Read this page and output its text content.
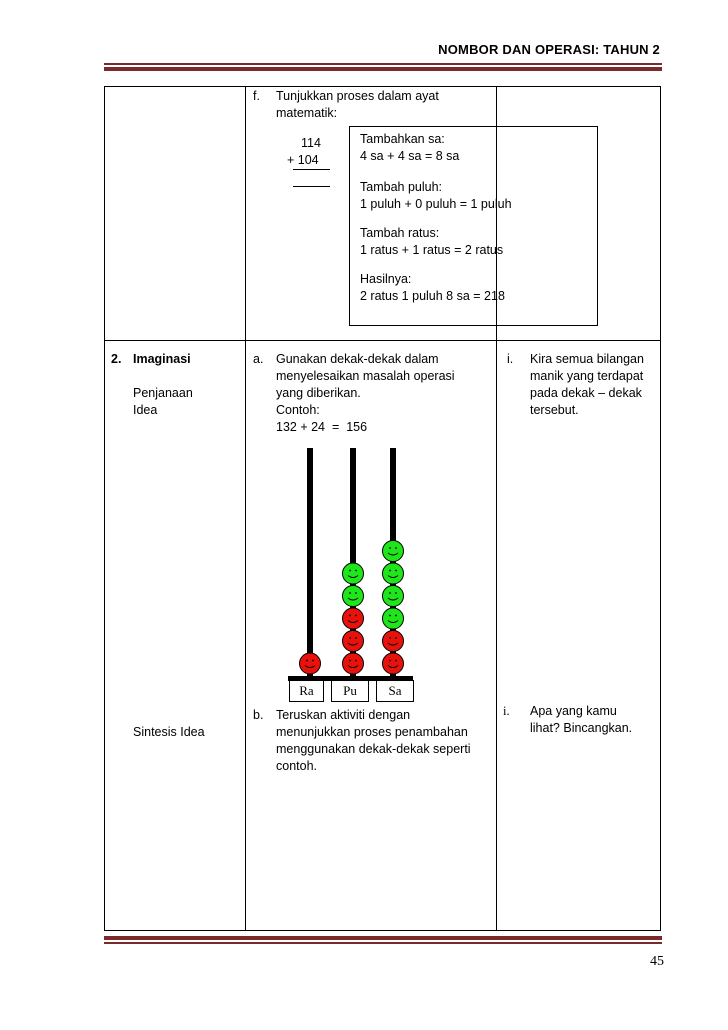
NOMBOR DAN OPERASI: TAHUN 2
f. Tunjukkan proses dalam ayat
matematik:
114
+ 104
Tambahkan sa:
4 sa + 4 sa = 8 sa
Tambah puluh:
1 puluh + 0 puluh = 1 puluh
Tambah ratus:
1 ratus + 1 ratus = 2 ratus
Hasilnya:
2 ratus 1 puluh 8 sa = 218
2. Imaginasi
Penjanaan
Idea
Sintesis Idea
a. Gunakan dekak-dekak dalam
menyelesaikan masalah operasi
yang diberikan.
Contoh:
132 + 24  =  156
b. Teruskan aktiviti dengan
menunjukkan proses penambahan
menggunakan dekak-dekak seperti
contoh.
i. Kira semua bilangan
manik yang terdapat
pada dekak – dekak
tersebut.
i. Apa yang kamu
lihat? Bincangkan.
Ra	Pu	Sa
45
